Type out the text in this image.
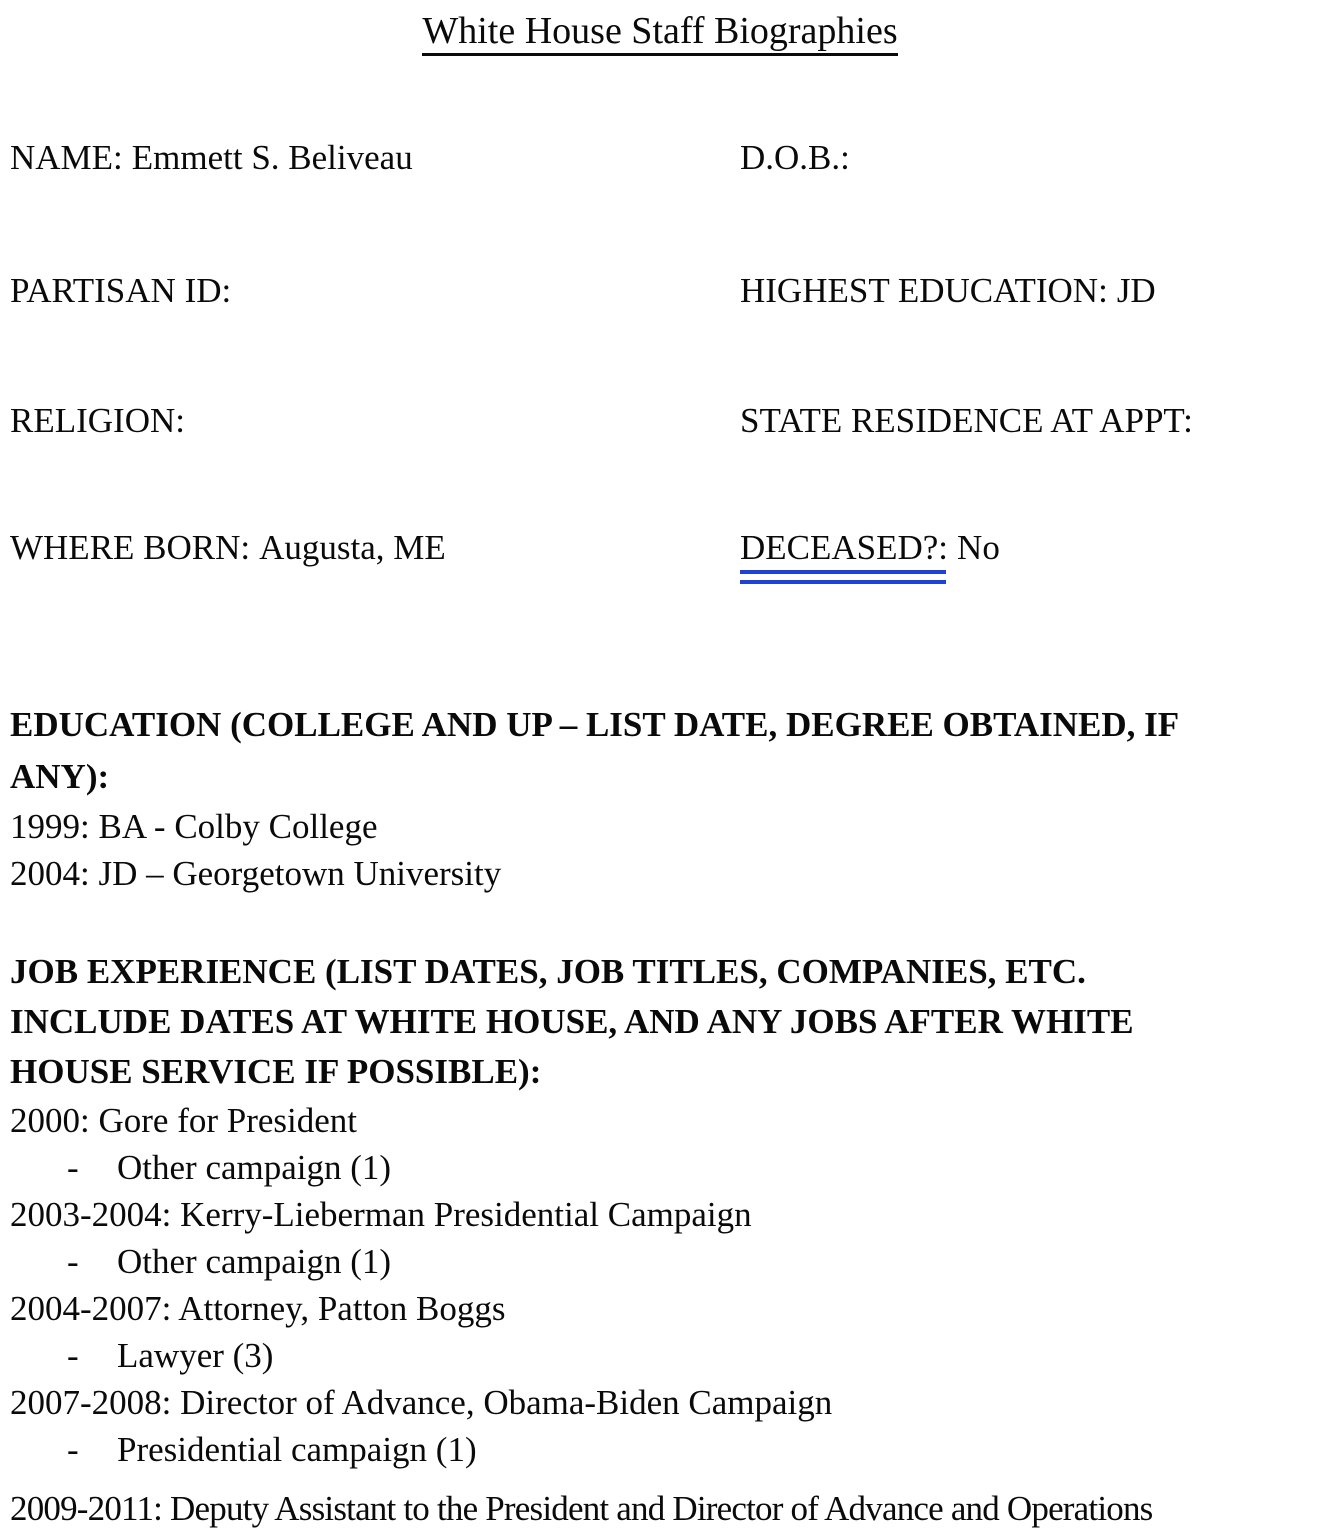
White House Staff Biographies
NAME: Emmett S. Beliveau	D.O.B.:
PARTISAN ID:	HIGHEST EDUCATION: JD
RELIGION:	STATE RESIDENCE AT APPT:
WHERE BORN: Augusta, ME	DECEASED?: No
EDUCATION (COLLEGE AND UP – LIST DATE, DEGREE OBTAINED, IF
ANY):
1999: BA - Colby College
2004: JD – Georgetown University
JOB EXPERIENCE (LIST DATES, JOB TITLES, COMPANIES, ETC.
INCLUDE DATES AT WHITE HOUSE, AND ANY JOBS AFTER WHITE
HOUSE SERVICE IF POSSIBLE):
2000: Gore for President
-	Other campaign (1)
2003-2004: Kerry-Lieberman Presidential Campaign
-	Other campaign (1)
2004-2007: Attorney, Patton Boggs
-	Lawyer (3)
2007-2008: Director of Advance, Obama-Biden Campaign
-	Presidential campaign (1)
2009-2011: Deputy Assistant to the President and Director of Advance and Operations
